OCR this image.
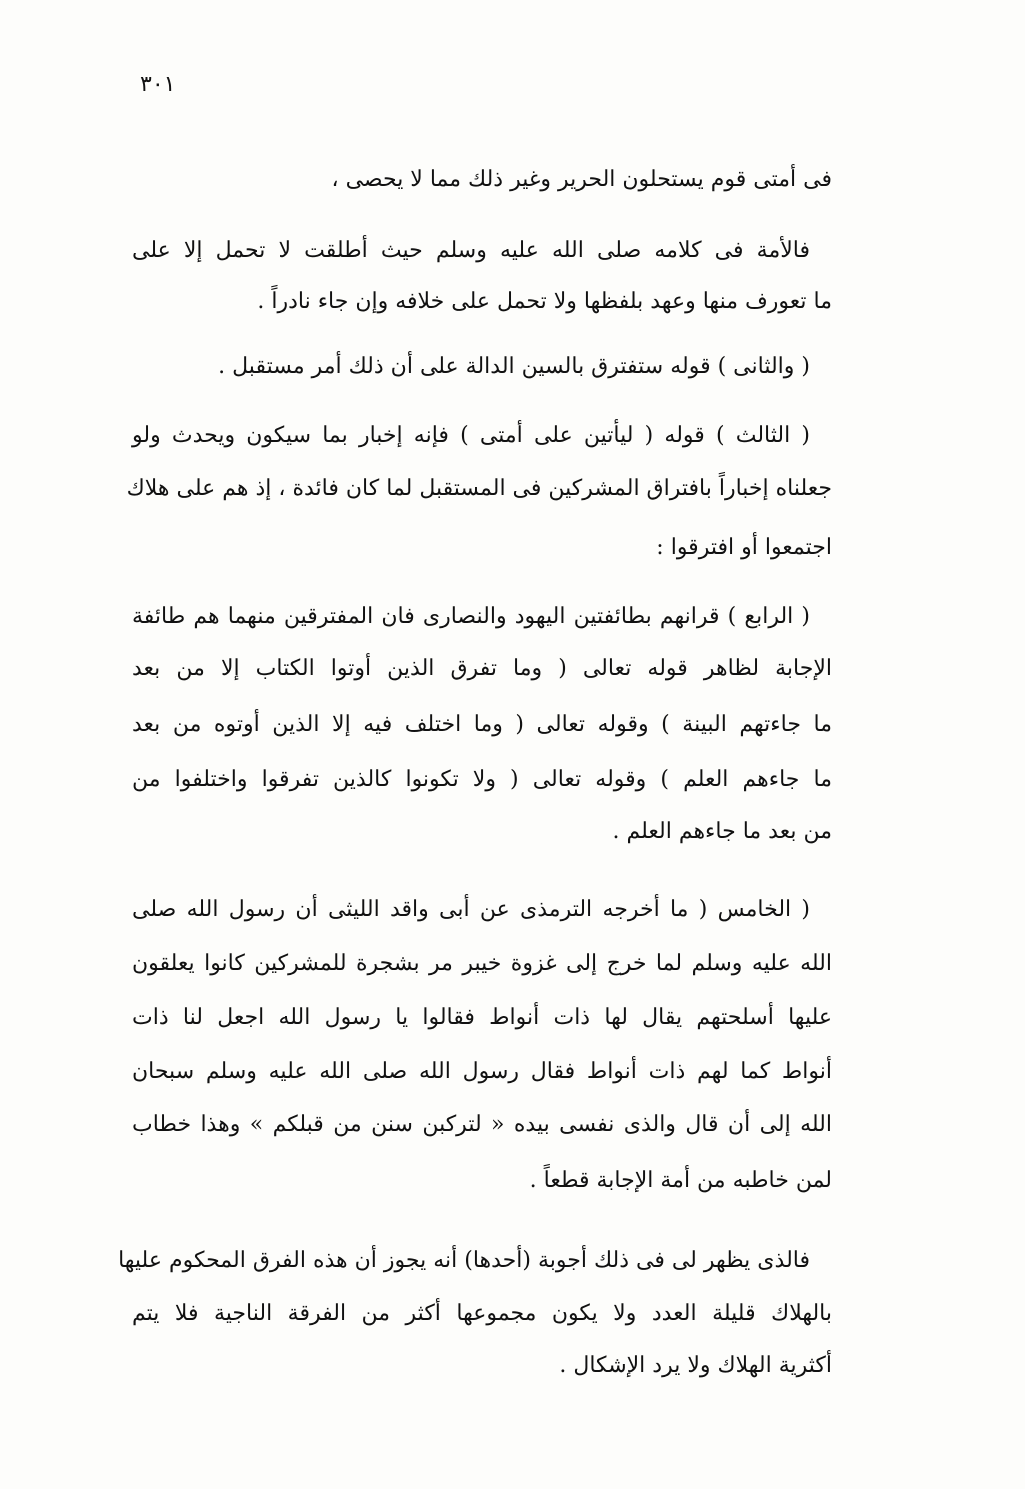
٣٠١
فى أمتى قوم يستحلون الحرير وغير ذلك مما لا يحصى ،
فالأمة فى كلامه صلى الله عليه وسلم حيث أطلقت لا تحمل إلا على
ما تعورف منها وعهد بلفظها ولا تحمل على خلافه وإن جاء نادراً .
( والثانى ) قوله ستفترق بالسين الدالة على أن ذلك أمر مستقبل .
( الثالث ) قوله ( ليأتين على أمتى ) فإنه إخبار بما سيكون ويحدث ولو
جعلناه إخباراً بافتراق المشركين فى المستقبل لما كان فائدة ، إذ هم على هلاك
اجتمعوا أو افترقوا :
( الرابع ) قرانهم بطائفتين اليهود والنصارى فان المفترقين منهما هم طائفة
الإجابة لظاهر قوله تعالى ( وما تفرق الذين أوتوا الكتاب إلا من بعد
ما جاءتهم البينة ) وقوله تعالى ( وما اختلف فيه إلا الذين أوتوه من بعد
ما جاءهم العلم ) وقوله تعالى ( ولا تكونوا كالذين تفرقوا واختلفوا من
من بعد ما جاءهم العلم .
( الخامس ( ما أخرجه الترمذى عن أبى واقد الليثى أن رسول الله صلى
الله عليه وسلم لما خرج إلى غزوة خيبر مر بشجرة للمشركين كانوا يعلقون
عليها أسلحتهم يقال لها ذات أنواط فقالوا يا رسول الله اجعل لنا ذات
أنواط كما لهم ذات أنواط فقال رسول الله صلى الله عليه وسلم سبحان
الله إلى أن قال والذى نفسى بيده « لتركبن سنن من قبلكم » وهذا خطاب
لمن خاطبه من أمة الإجابة قطعاً .
فالذى يظهر لى فى ذلك أجوبة (أحدها) أنه يجوز أن هذه الفرق المحكوم عليها
بالهلاك قليلة العدد ولا يكون مجموعها أكثر من الفرقة الناجية فلا يتم
أكثرية الهلاك ولا يرد الإشكال .
